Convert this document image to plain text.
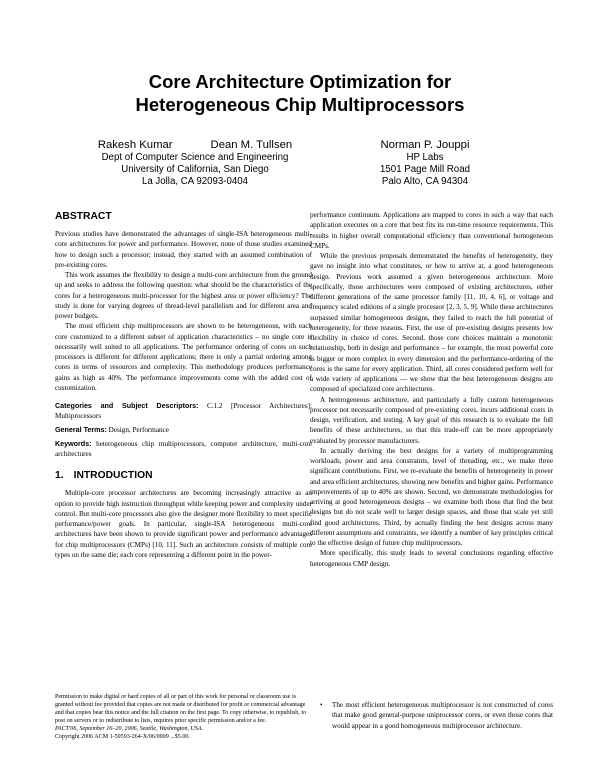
Core Architecture Optimization for
Heterogeneous Chip Multiprocessors
Rakesh Kumar	Dean M. Tullsen
Dept of Computer Science and Engineering
University of California, San Diego
La Jolla, CA 92093-0404
Norman P. Jouppi
HP Labs
1501 Page Mill Road
Palo Alto, CA 94304
ABSTRACT

Previous studies have demonstrated the advantages of single-ISA heterogeneous multi-core architectures for power and performance. However, none of those studies examined how to design such a processor; instead, they started with an assumed combination of pre-existing cores.

This work assumes the flexibility to design a multi-core architecture from the ground up and seeks to address the following question: what should be the characteristics of the cores for a heterogeneous multi-processor for the highest area or power efficiency? The study is done for varying degrees of thread-level parallelism and for different area and power budgets.

The most efficient chip multiprocessors are shown to be heterogeneous, with each core customized to a different subset of application characteristics – no single core is necessarily well suited to all applications. The performance ordering of cores on such processors is different for different applications; there is only a partial ordering among cores in terms of resources and complexity. This methodology produces performance gains as high as 40%. The performance improvements come with the added cost of customization.

Categories and Subject Descriptors: C.1.2 [Processor Architectures]: Multiprocessors

General Terms: Design, Performance

Keywords: heterogeneous chip multiprocessors, computer architecture, multi-core architectures

1. INTRODUCTION

Multiple-core processor architectures are becoming increasingly attractive as an option to provide high instruction throughput while keeping power and complexity under control. But multi-core processors also give the designer more flexibility to meet specific performance/power goals. In particular, single-ISA heterogeneous multi-core architectures have been shown to provide significant power and performance advantages for chip multiprocessors (CMPs) [10, 11]. Such an architecture consists of multiple core types on the same die; each core representing a different point in the power-

Permission to make digital or hard copies of all or part of this work for personal or classroom use is granted without fee provided that copies are not made or distributed for profit or commercial advantage and that copies bear this notice and the full citation on the first page. To copy otherwise, to republish, to post on servers or to redistribute to lists, requires prior specific permission and/or a fee.

PACT'06, September 16–20, 2006, Seattle, Washington, USA.

Copyright 2006 ACM 1-59593-264-X/06/0009 ...$5.00.

performance continuum. Applications are mapped to cores in such a way that each application executes on a core that best fits its run-time resource requirements. This results in higher overall computational efficiency than conventional homogeneous CMPs.

While the previous proposals demonstrated the benefits of heterogeneity, they gave no insight into what constitutes, or how to arrive at, a good heterogeneous design. Previous work assumed a given heterogeneous architecture. More specifically, those architectures were composed of existing architectures, either different generations of the same processor family [11, 10, 4, 6], or voltage and frequency scaled editions of a single processor [2, 3, 5, 9]. While these architectures surpassed similar homogeneous designs, they failed to reach the full potential of heterogeneity, for three reasons. First, the use of pre-existing designs presents low flexibility in choice of cores. Second, those core choices maintain a monotonic relationship, both in design and performance – for example, the most powerful core is bigger or more complex in every dimension and the performance-ordering of the cores is the same for every application. Third, all cores considered perform well for a wide variety of applications — we show that the best heterogeneous designs are composed of specialized core architectures.

A heterogeneous architecture, and particularly a fully custom heterogeneous processor not necessarily composed of pre-existing cores, incurs additional costs in design, verification, and testing. A key goal of this research is to evaluate the full benefits of these architectures, so that this trade-off can be more appropriately evaluated by processor manufacturers.

In actually deriving the best designs for a variety of multiprogramming workloads, power and area constraints, level of threading, etc., we make three significant contributions. First, we re-evaluate the benefits of heterogeneity in power and area efficient architectures, showing new benefits and higher gains. Performance improvements of up to 40% are shown. Second, we demonstrate methodologies for arriving at good heterogeneous designs – we examine both those that find the best designs but do not scale well to larger design spaces, and those that scale yet still find good architectures. Third, by actually finding the best designs across many different assumptions and constraints, we identify a number of key principles critical to the effective design of future chip multiprocessors.

More specifically, this study leads to several conclusions regarding effective heterogeneous CMP design.

• The most efficient heterogeneous multiprocessor is not constructed of cores that make good general-purpose uniprocessor cores, or even those cores that would appear in a good homogeneous multiprocessor architecture.
